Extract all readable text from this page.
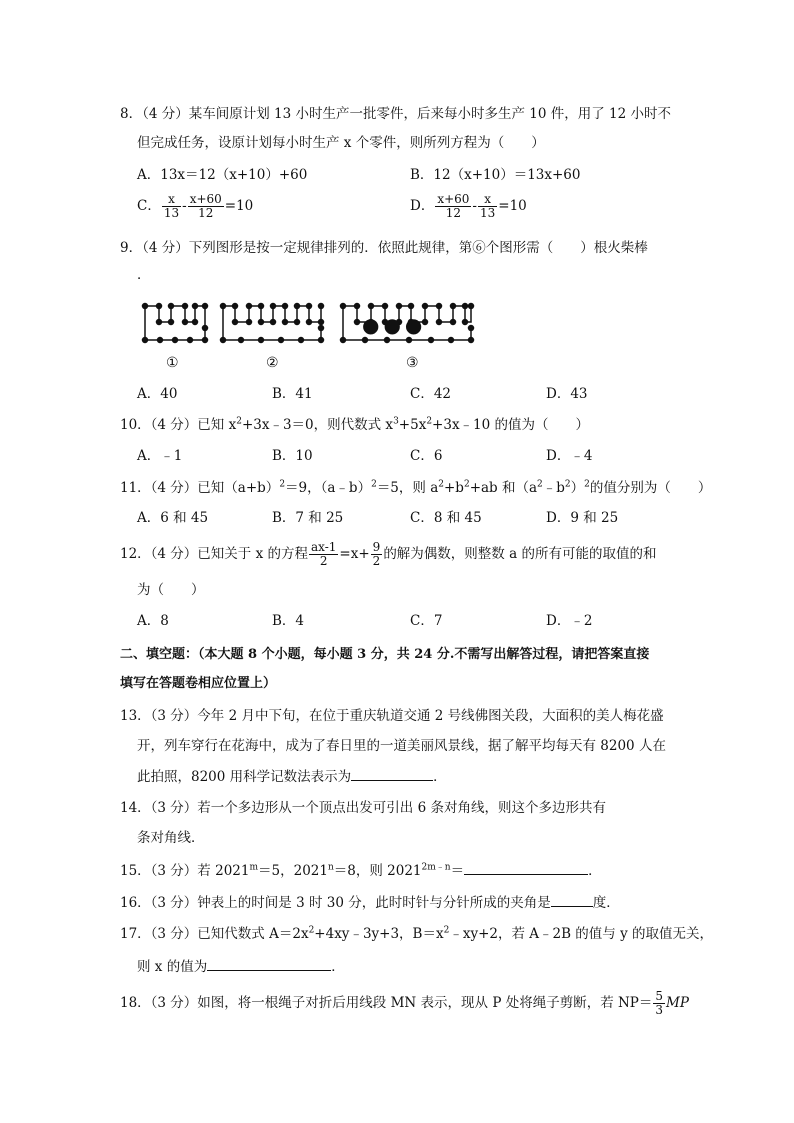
8．（4 分）某车间原计划 13 小时生产一批零件，后来每小时多生产 10 件，用了 12 小时不
但完成任务，设原计划每小时生产 x 个零件，则所列方程为（　　）
A．13x＝12（x+10）+60	B．12（x+10）＝13x+60
C． $\frac{x}{13} - \frac{x+60}{12} =10$	D． $\frac{x+60}{12} - \frac{x}{13} =10$
9．（4 分）下列图形是按一定规律排列的．依照此规律，第⑥个图形需（　　）根火柴棒
．
●●●
①	②	③
A．40	B．41	C．42	D．43
10．（4 分）已知 $x^2+3x﹣3=0$，则代数式 $x^3+5x^2+3x﹣10$ 的值为（　　）
A．﹣1	B．10	C．6	D．﹣4
11．（4 分）已知$(a+b)^2=9$，（a﹣b）$^2$＝5，则 $a^2+b^2+ab$ 和$(a^2﹣b^2)^2$的值分别为（　　）
A．6 和 45	B．7 和 25	C．8 和 45	D．9 和 25
12．（4 分）已知关于 x 的方程 $\frac{ax-1}{2} =x+ \frac{9}{2}$ 的解为偶数，则整数 a 的所有可能的取值的和
为（　　）
A．8	B．4	C．7	D．﹣2
二、填空题：（本大题 8 个小题，每小题 3 分，共 24 分.不需写出解答过程，请把答案直接
填写在答题卷相应位置上）
13．（3 分）今年 2 月中下旬，在位于重庆轨道交通 2 号线佛图关段，大面积的美人梅花盛
开，列车穿行在花海中，成为了春日里的一道美丽风景线，据了解平均每天有 8200 人在
此拍照，8200 用科学记数法表示为	．
14．（3 分）若一个多边形从一个顶点出发可引出 6 条对角线，则这个多边形共有
条对角线．
15．（3 分）若 $2021^m=5$，$2021^n=8$，则 $2021^{2m﹣n}=$	．
16．（3 分）钟表上的时间是 3 时 30 分，此时时针与分针所成的夹角是	度．
17．（3 分）已知代数式 $A=2x^2+4xy﹣3y+3$，$B=x^2﹣xy+2$，若 A﹣2B 的值与 y 的取值无关，
则 x 的值为	．
18．（3 分）如图，将一根绳子对折后用线段 MN 表示，现从 P 处将绳子剪断，若 $NP= \frac{5}{3}$ MP
